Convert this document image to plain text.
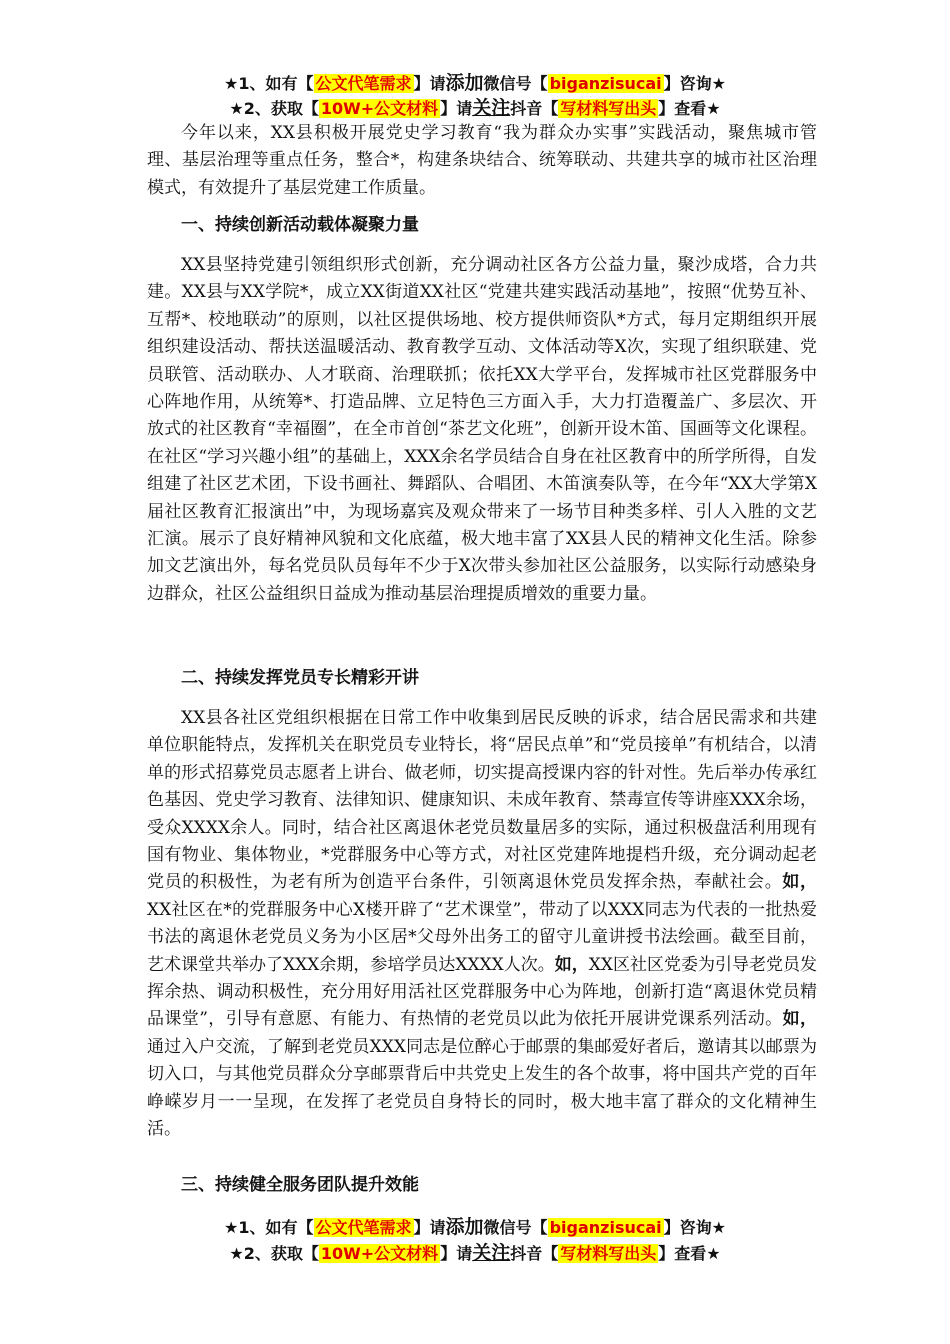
★1、如有【 公文代笔需求 】请添加微信号【 biganzisucai 】咨询★
★2、获取【 10W+公文材料 】请关注抖音【 写材料写出头 】查看★

今年以来，XX县积极开展党史学习教育“我为群众办实事”实践活动，聚焦城市管理、基层治理等重点任务，整合*，构建条块结合、统筹联动、共建共享的城市社区治理模式，有效提升了基层党建工作质量。

一、持续创新活动载体凝聚力量

XX县坚持党建引领组织形式创新，充分调动社区各方公益力量，聚沙成塔，合力共建。XX县与XX学院*，成立XX街道XX社区“党建共建实践活动基地”，按照“优势互补、互帮*、校地联动”的原则，以社区提供场地、校方提供师资队*方式，每月定期组织开展组织建设活动、帮扶送温暖活动、教育教学互动、文体活动等X次，实现了组织联建、党员联管、活动联办、人才联商、治理联抓；依托XX大学平台，发挥城市社区党群服务中心阵地作用，从统筹*、打造品牌、立足特色三方面入手，大力打造覆盖广、多层次、开放式的社区教育“幸福圈”，在全市首创“茶艺文化班”，创新开设木笛、国画等文化课程。在社区“学习兴趣小组”的基础上，XXX余名学员结合自身在社区教育中的所学所得，自发组建了社区艺术团，下设书画社、舞蹈队、合唱团、木笛演奏队等，在今年“XX大学第X届社区教育汇报演出”中，为现场嘉宾及观众带来了一场节目种类多样、引人入胜的文艺汇演。展示了良好精神风貌和文化底蕴，极大地丰富了XX县人民的精神文化生活。除参加文艺演出外，每名党员队员每年不少于X次带头参加社区公益服务，以实际行动感染身边群众，社区公益组织日益成为推动基层治理提质增效的重要力量。

二、持续发挥党员专长精彩开讲

XX县各社区党组织根据在日常工作中收集到居民反映的诉求，结合居民需求和共建单位职能特点，发挥机关在职党员专业特长，将“居民点单”和“党员接单”有机结合，以清单的形式招募党员志愿者上讲台、做老师，切实提高授课内容的针对性。先后举办传承红色基因、党史学习教育、法律知识、健康知识、未成年教育、禁毒宣传等讲座XXX余场，受众XXXX余人。同时，结合社区离退休老党员数量居多的实际，通过积极盘活利用现有国有物业、集体物业，*党群服务中心等方式，对社区党建阵地提档升级，充分调动起老党员的积极性，为老有所为创造平台条件，引领离退休党员发挥余热，奉献社会。如，XX社区在*的党群服务中心X楼开辟了“艺术课堂”，带动了以XXX同志为代表的一批热爱书法的离退休老党员义务为小区居*父母外出务工的留守儿童讲授书法绘画。截至目前，艺术课堂共举办了XXX余期，参培学员达XXXX人次。如，XX区社区党委为引导老党员发挥余热、调动积极性，充分用好用活社区党群服务中心为阵地，创新打造“离退休党员精品课堂”，引导有意愿、有能力、有热情的老党员以此为依托开展讲党课系列活动。如，通过入户交流，了解到老党员XXX同志是位醉心于邮票的集邮爱好者后，邀请其以邮票为切入口，与其他党员群众分享邮票背后中共党史上发生的各个故事，将中国共产党的百年峥嵘岁月一一呈现，在发挥了老党员自身特长的同时，极大地丰富了群众的文化精神生活。

三、持续健全服务团队提升效能
★1、如有【 公文代笔需求 】请添加微信号【 biganzisucai 】咨询★
★2、获取【 10W+公文材料 】请关注抖音【 写材料写出头 】查看★
